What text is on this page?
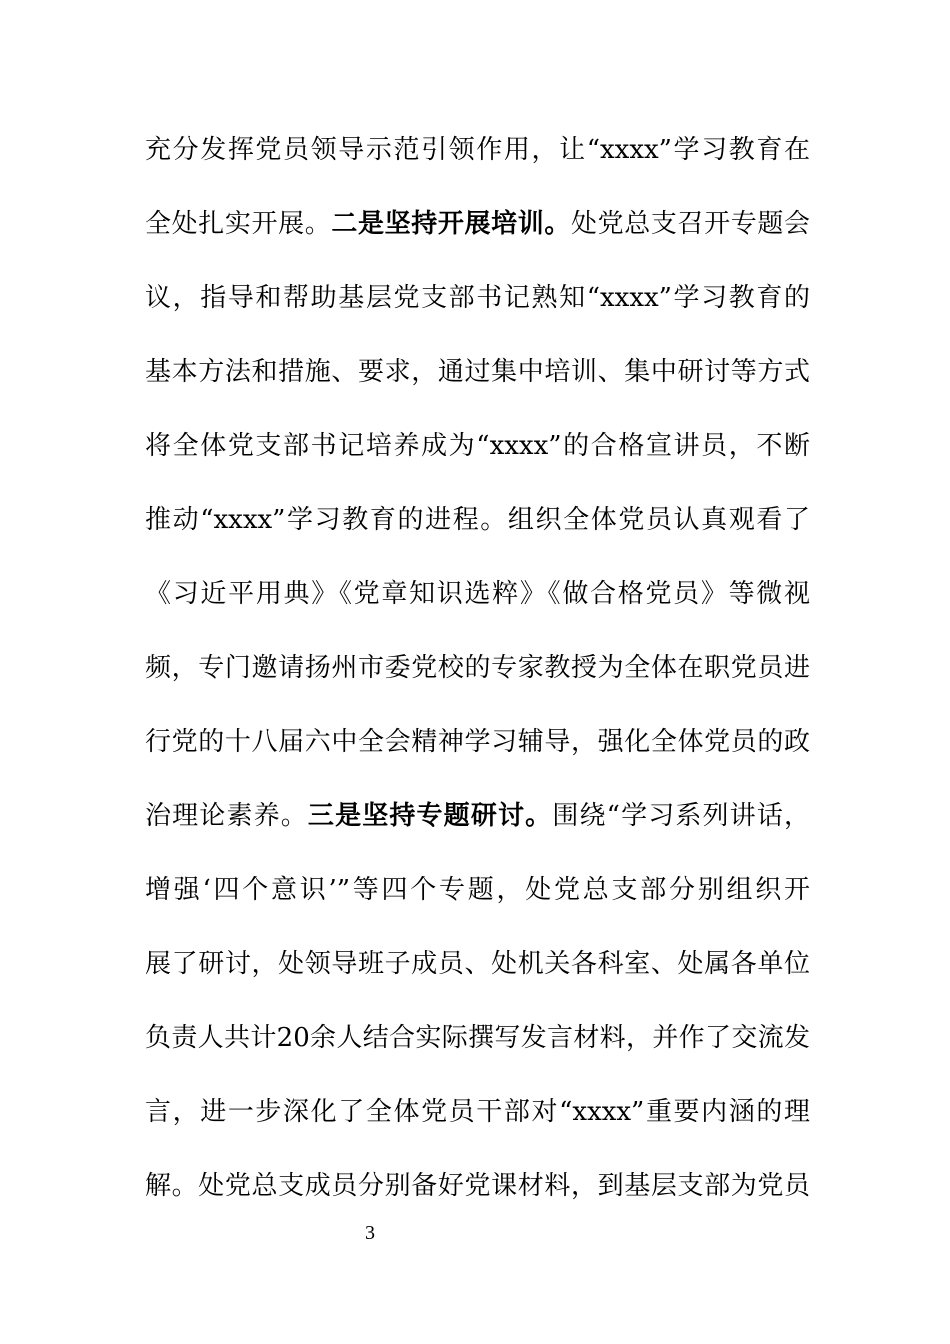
充分发挥党员领导示范引领作用，让“xxxx”学习教育在
全处扎实开展。二是坚持开展培训。处党总支召开专题会
议，指导和帮助基层党支部书记熟知“xxxx”学习教育的
基本方法和措施、要求，通过集中培训、集中研讨等方式
将全体党支部书记培养成为“xxxx”的合格宣讲员，不断
推动“xxxx”学习教育的进程。组织全体党员认真观看了
《习近平用典》《党章知识选粹》《做合格党员》等微视
频，专门邀请扬州市委党校的专家教授为全体在职党员进
行党的十八届六中全会精神学习辅导，强化全体党员的政
治理论素养。三是坚持专题研讨。围绕“学习系列讲话，
增强‘四个意识’”等四个专题，处党总支部分别组织开
展了研讨，处领导班子成员、处机关各科室、处属各单位
负责人共计20余人结合实际撰写发言材料，并作了交流发
言，进一步深化了全体党员干部对“xxxx”重要内涵的理
解。处党总支成员分别备好党课材料，到基层支部为党员
3
